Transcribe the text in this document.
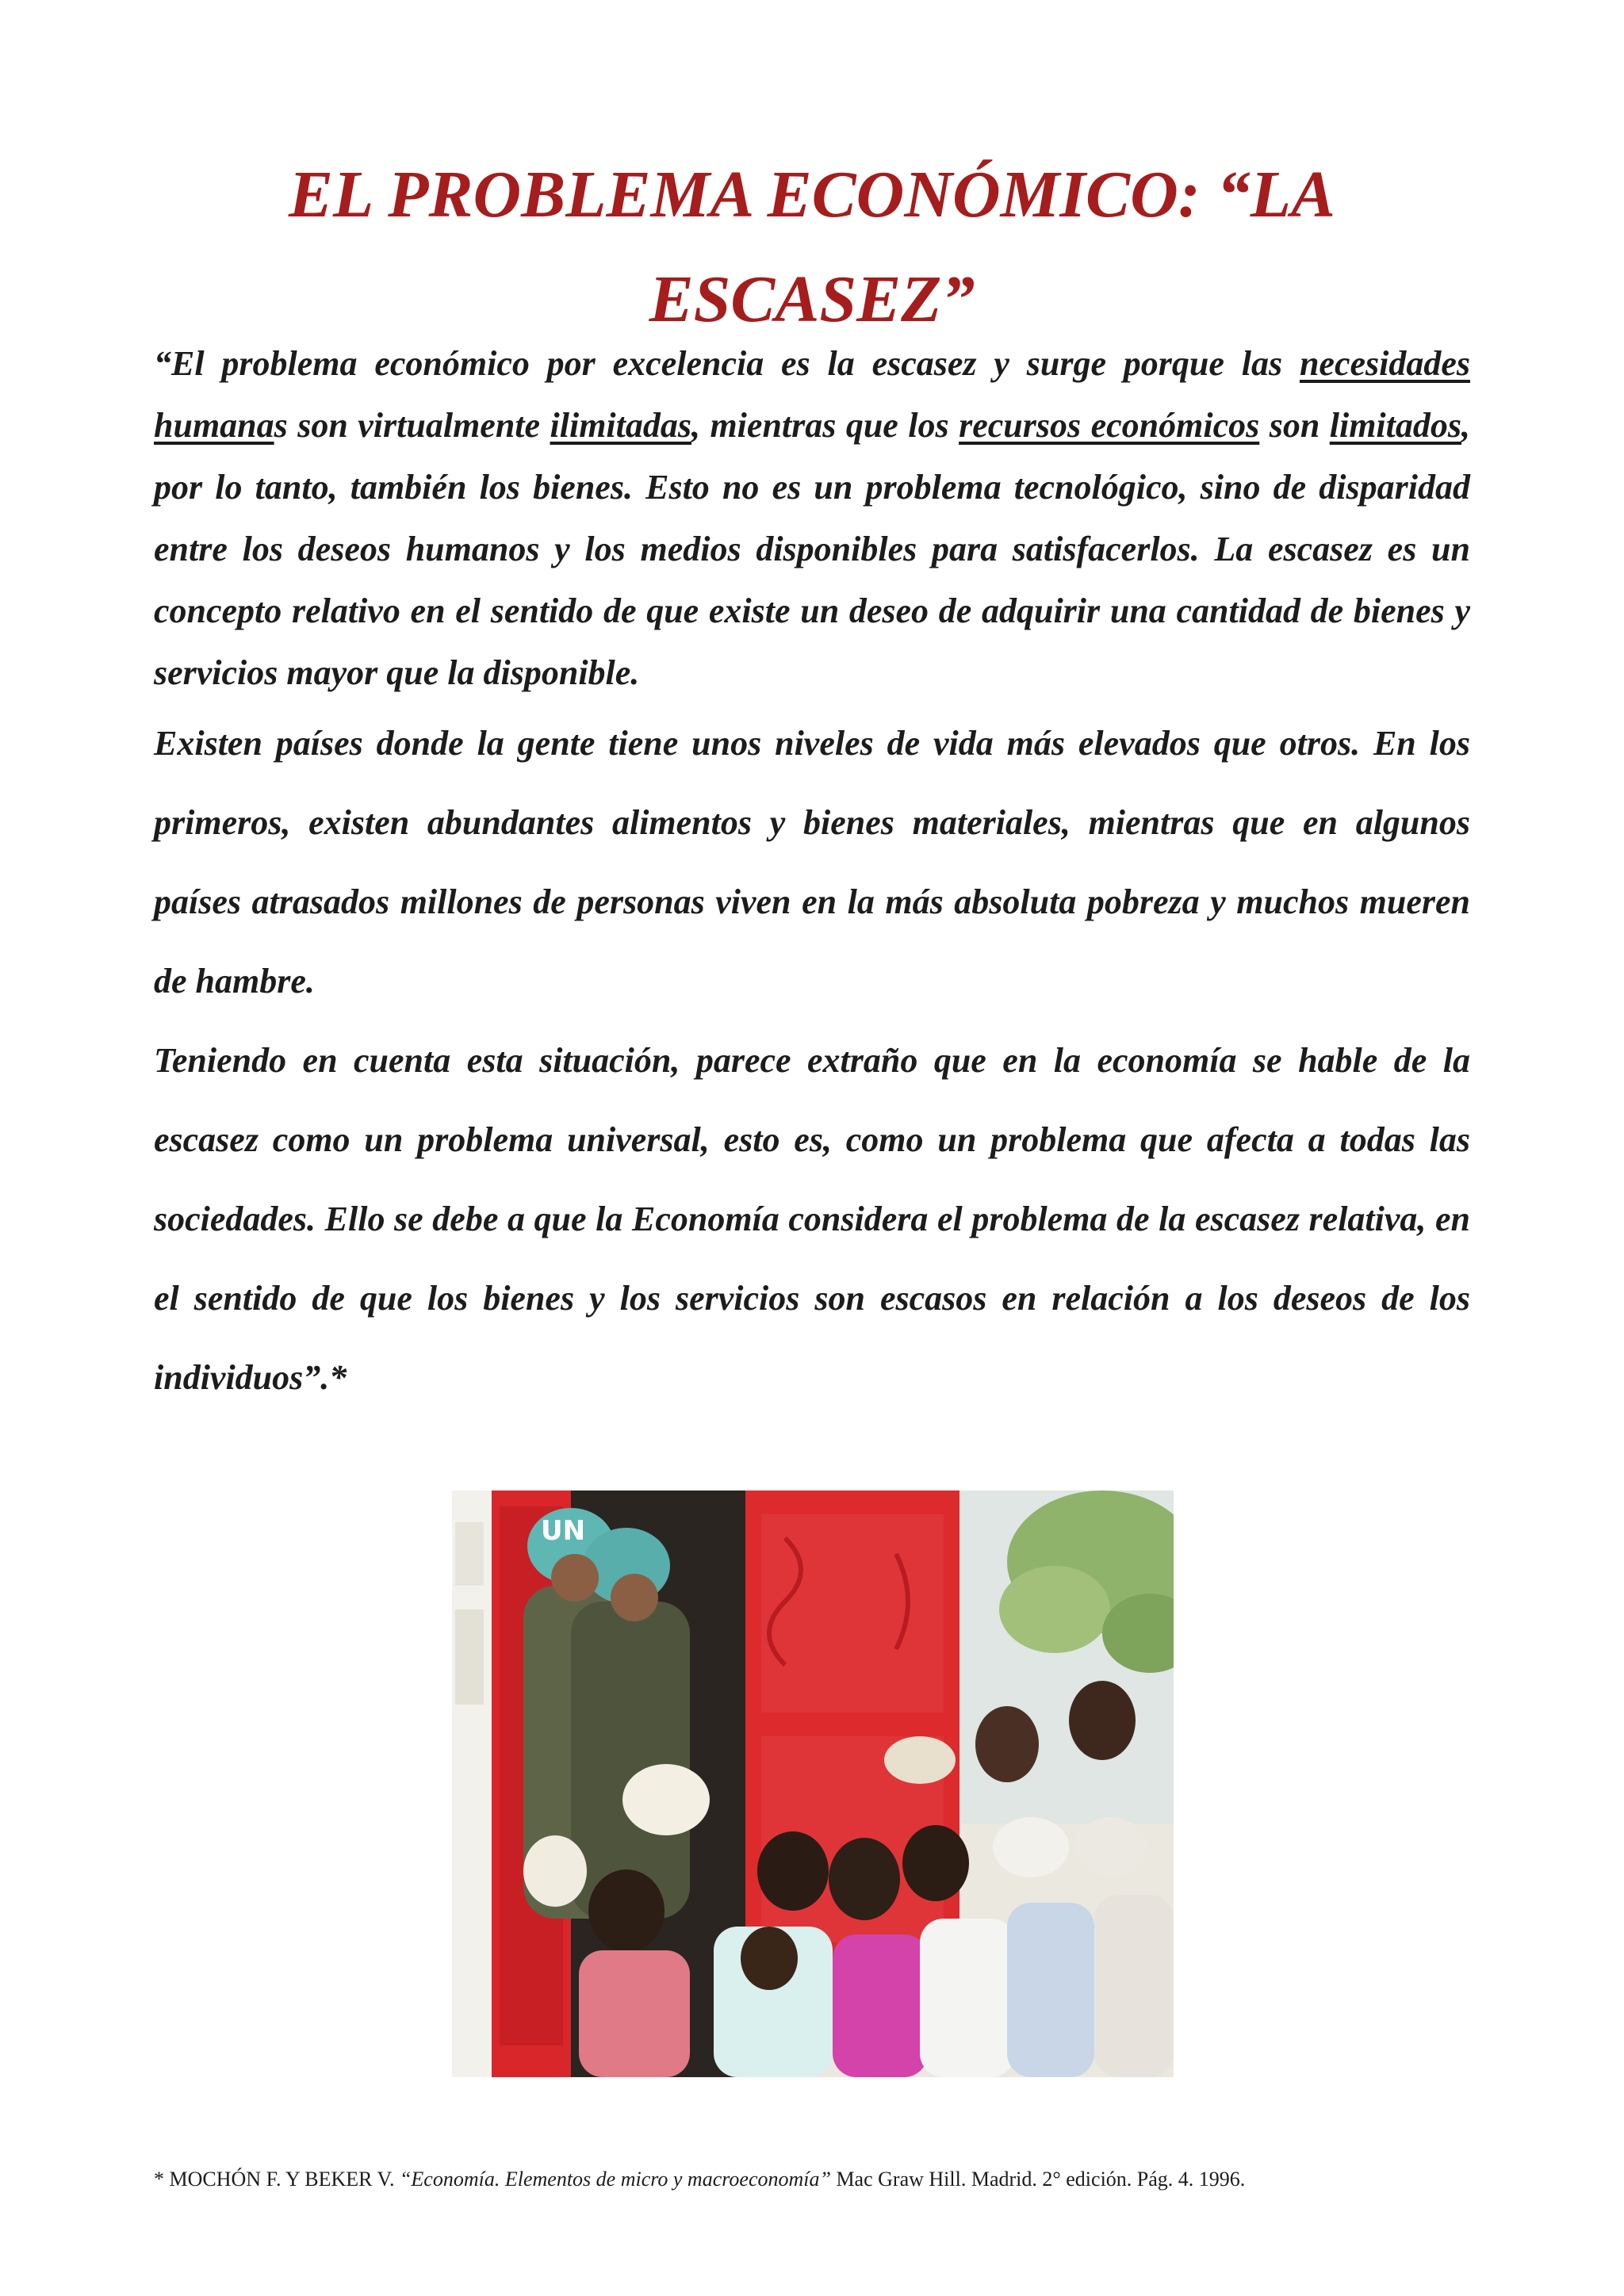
EL PROBLEMA ECONÓMICO: “LA
ESCASEZ”

“El problema económico por excelencia es la escasez y surge porque las necesidades humanas son virtualmente ilimitadas, mientras que los recursos económicos son limitados, por lo tanto, también los bienes. Esto no es un problema tecnológico, sino de disparidad entre los deseos humanos y los medios disponibles para satisfacerlos. La escasez es un concepto relativo en el sentido de que existe un deseo de adquirir una cantidad de bienes y servicios mayor que la disponible.

Existen países donde la gente tiene unos niveles de vida más elevados que otros. En los primeros, existen abundantes alimentos y bienes materiales, mientras que en algunos países atrasados millones de personas viven en la más absoluta pobreza y muchos mueren de hambre.

Teniendo en cuenta esta situación, parece extraño que en la economía se hable de la escasez como un problema universal, esto es, como un problema que afecta a todas las sociedades. Ello se debe a que la Economía considera el problema de la escasez relativa, en el sentido de que los bienes y los servicios son escasos en relación a los deseos de los individuos”.*

UN

* MOCHÓN F. Y BEKER V. “Economía. Elementos de micro y macroeconomía” Mac Graw Hill. Madrid. 2° edición. Pág. 4. 1996.
